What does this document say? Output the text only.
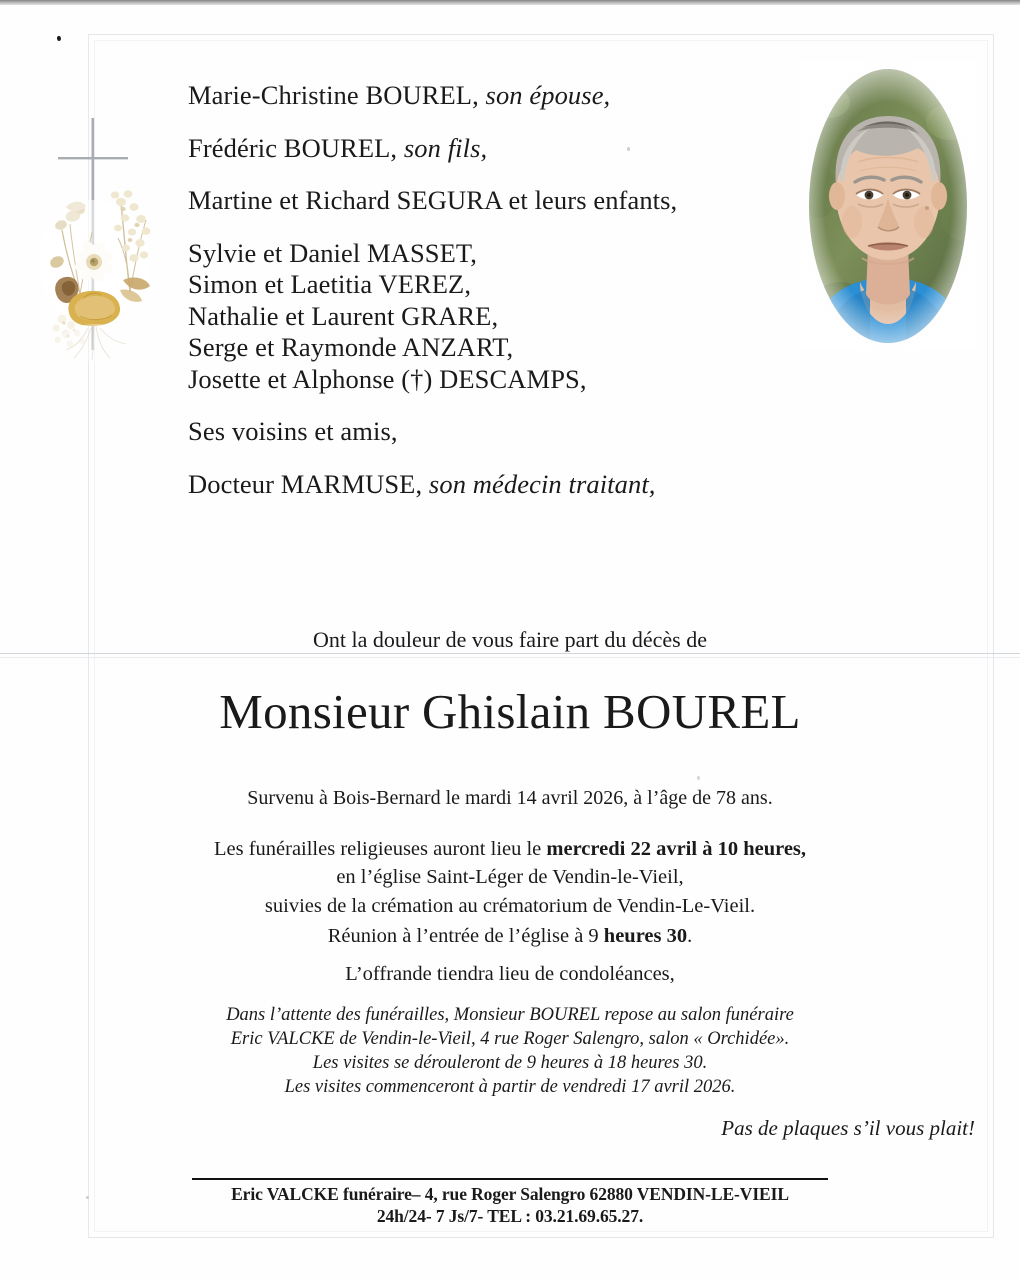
Marie-Christine BOUREL, son épouse,
Frédéric BOUREL, son fils,
Martine et Richard SEGURA et leurs enfants,
Sylvie et Daniel MASSET,
Simon et Laetitia VEREZ,
Nathalie et Laurent GRARE,
Serge et Raymonde ANZART,
Josette et Alphonse (†) DESCAMPS,
Ses voisins et amis,
Docteur MARMUSE, son médecin traitant,
Ont la douleur de vous faire part du décès de
Monsieur Ghislain BOUREL
Survenu à Bois-Bernard le mardi 14 avril 2026, à l’âge de 78 ans.
Les funérailles religieuses auront lieu le mercredi 22 avril à 10 heures,
en l’église Saint-Léger de Vendin-le-Vieil,
suivies de la crémation au crématorium de Vendin-Le-Vieil.
Réunion à l’entrée de l’église à 9 heures 30.
L’offrande tiendra lieu de condoléances,
Dans l’attente des funérailles, Monsieur BOUREL repose au salon funéraire
Eric VALCKE de Vendin-le-Vieil, 4 rue Roger Salengro, salon « Orchidée».
Les visites se dérouleront de 9 heures à 18 heures 30.
Les visites commenceront à partir de vendredi 17 avril 2026.
Pas de plaques s’il vous plait!
Eric VALCKE funéraire– 4, rue Roger Salengro 62880 VENDIN-LE-VIEIL
24h/24- 7 Js/7- TEL : 03.21.69.65.27.
